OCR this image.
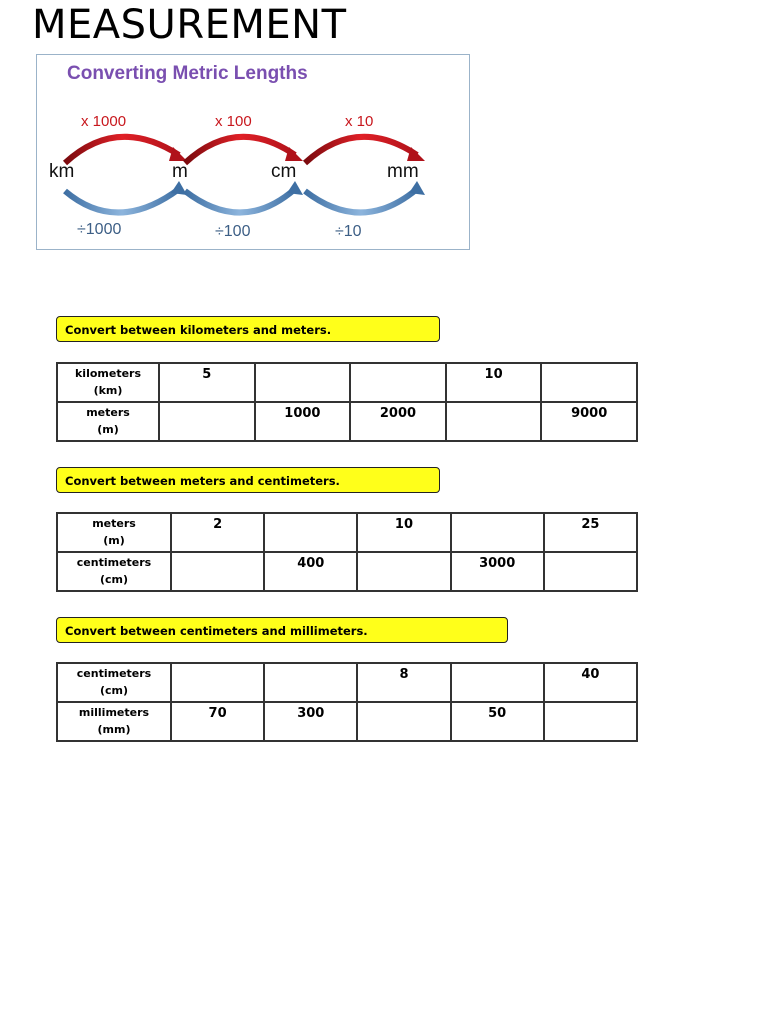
MEASUREMENT
Converting Metric Lengths
x 1000	x 100	x 10
km	m	cm	mm
÷1000	÷100	÷10
Convert between kilometers and meters.
kilometers
(km)	5			10	
meters
(m)		1000	2000		9000
Convert between meters and centimeters.
meters
(m)	2		10		25
centimeters
(cm)		400		3000	
Convert between centimeters and millimeters.
centimeters
(cm)			8		40
millimeters
(mm)	70	300		50	
